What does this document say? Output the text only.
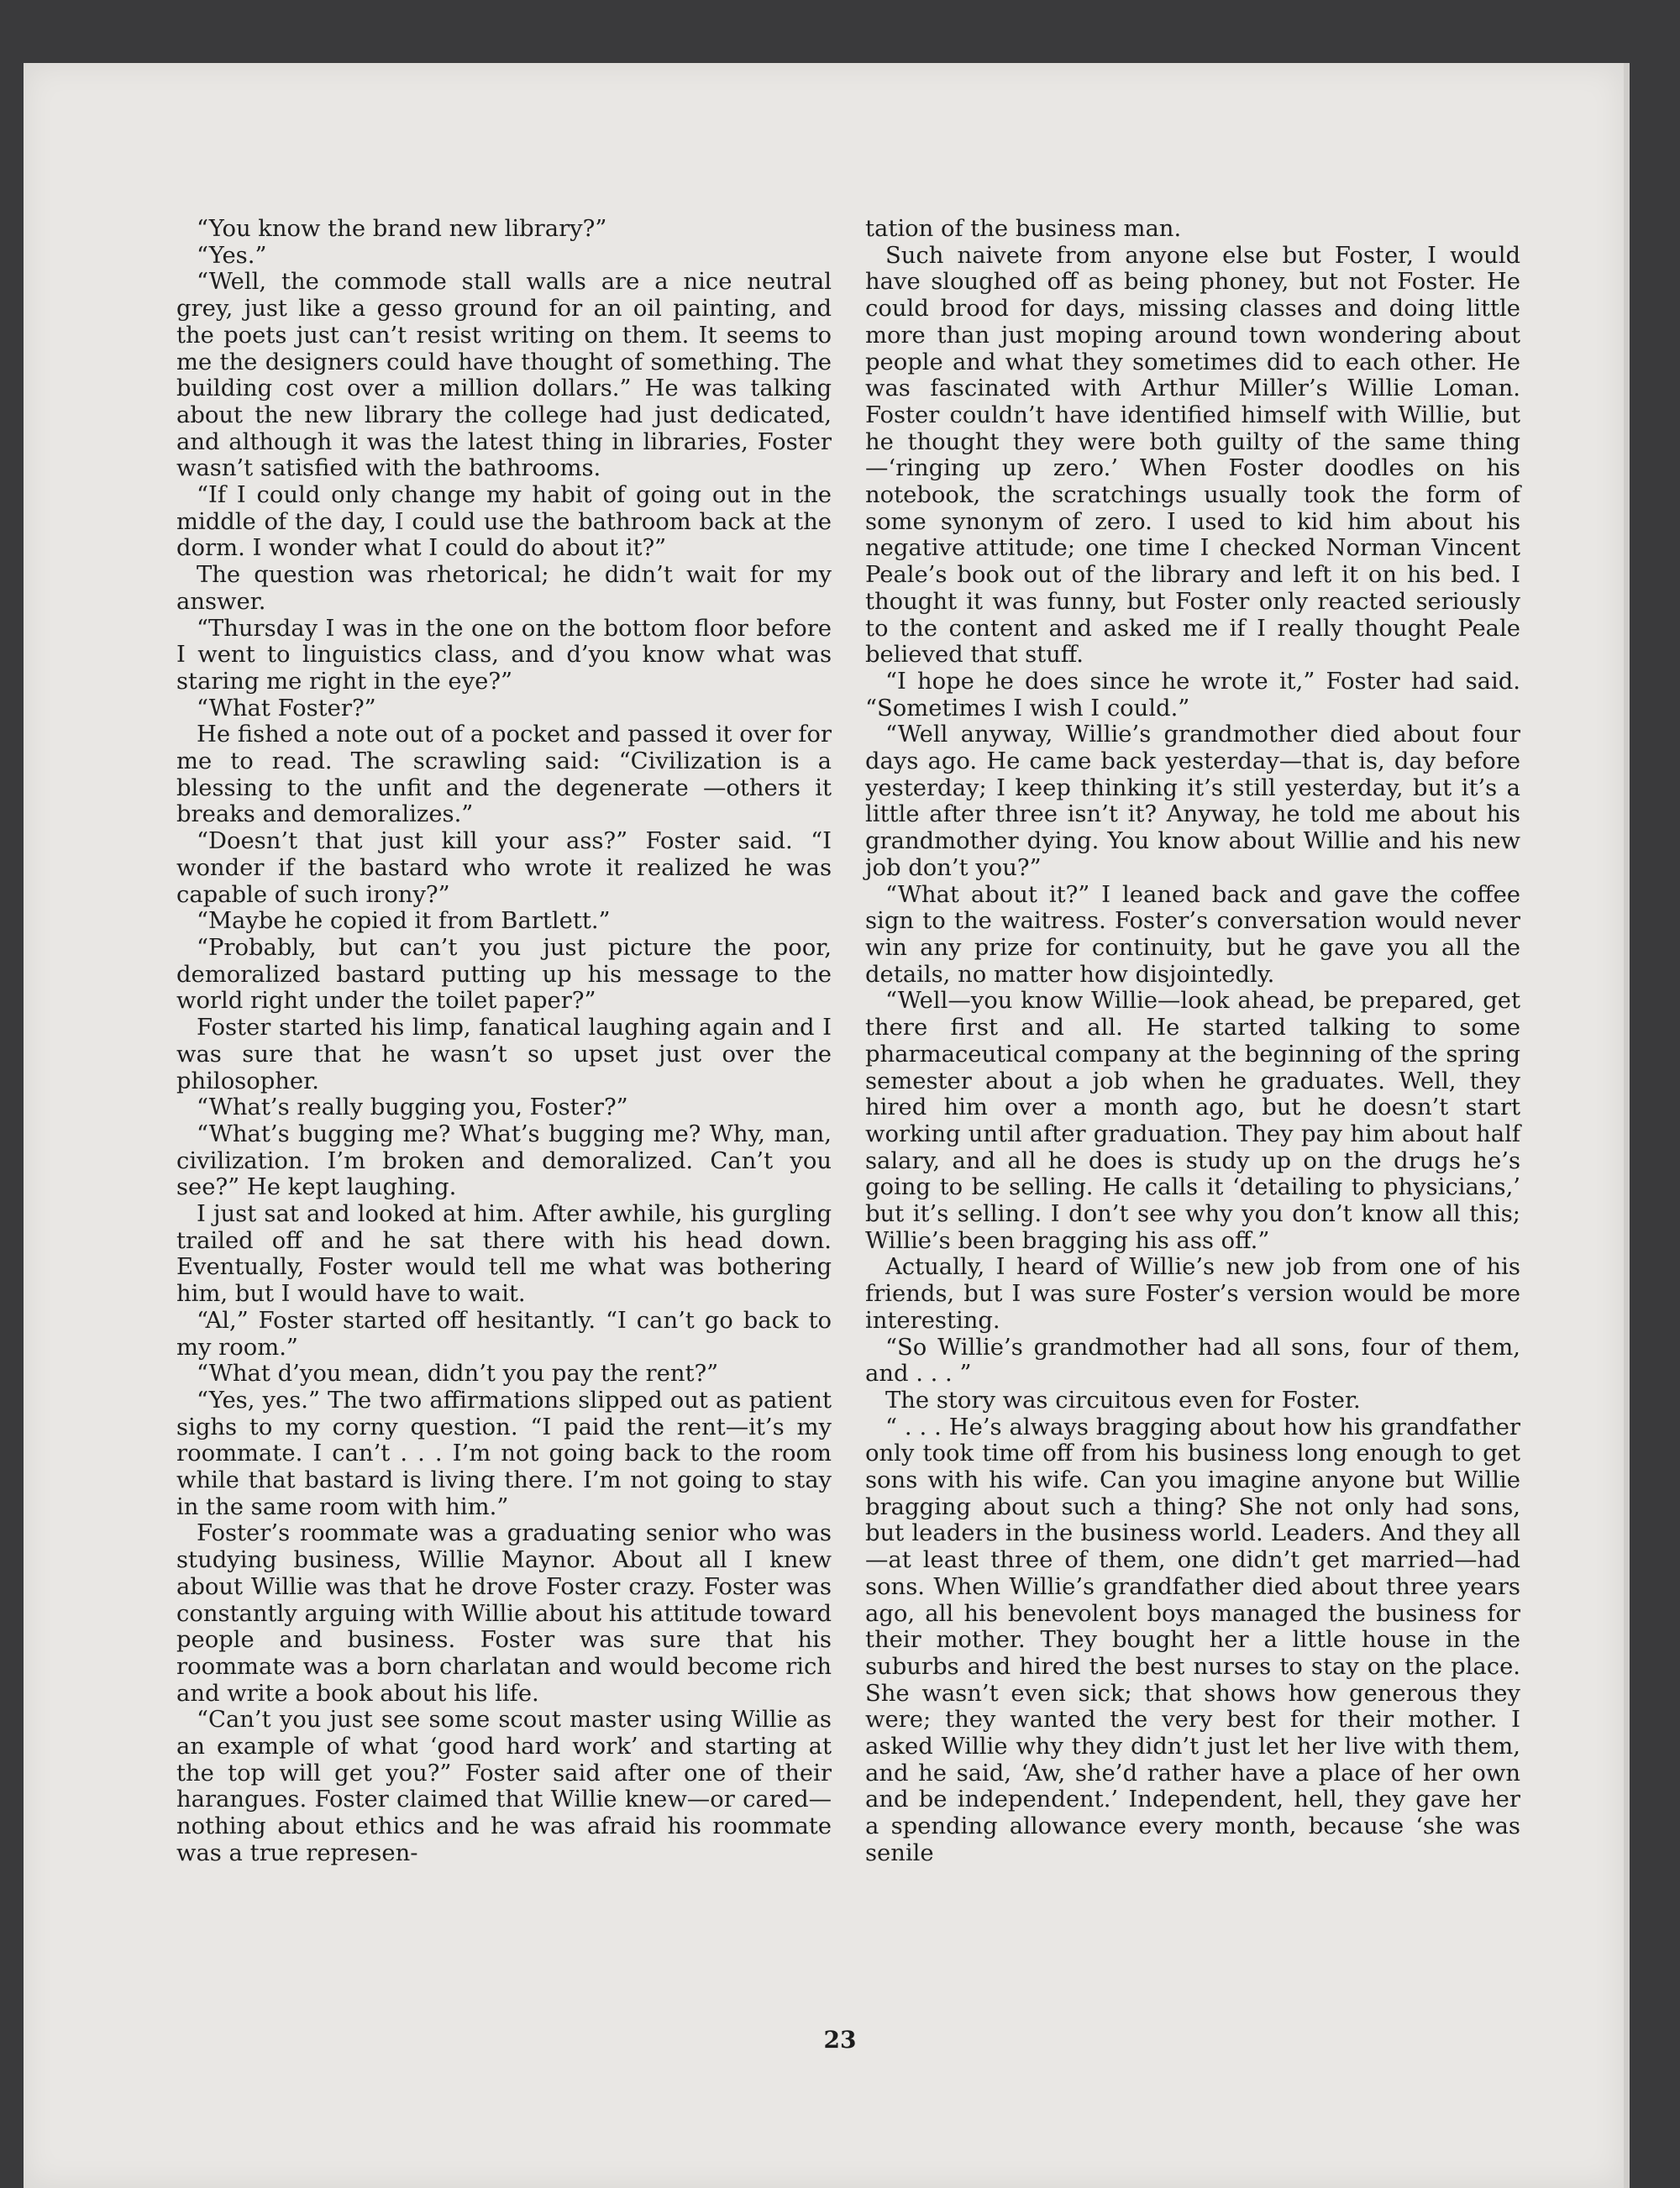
“You know the brand new library?”

“Yes.”

“Well, the commode stall walls are a nice neutral grey, just like a gesso ground for an oil painting, and the poets just can’t resist writing on them. It seems to me the designers could have thought of something. The building cost over a million dollars.” He was talking about the new library the college had just dedicated, and although it was the latest thing in libraries, Foster wasn’t satisfied with the bathrooms.

“If I could only change my habit of going out in the middle of the day, I could use the bathroom back at the dorm. I wonder what I could do about it?”

The question was rhetorical; he didn’t wait for my answer.

“Thursday I was in the one on the bottom floor before I went to linguistics class, and d’you know what was staring me right in the eye?”

“What Foster?”

He fished a note out of a pocket and passed it over for me to read. The scrawling said: “Civilization is a blessing to the unfit and the degenerate —others it breaks and demoralizes.”

“Doesn’t that just kill your ass?” Foster said. “I wonder if the bastard who wrote it realized he was capable of such irony?”

“Maybe he copied it from Bartlett.”

“Probably, but can’t you just picture the poor, demoralized bastard putting up his message to the world right under the toilet paper?”

Foster started his limp, fanatical laughing again and I was sure that he wasn’t so upset just over the philosopher.

“What’s really bugging you, Foster?”

“What’s bugging me? What’s bugging me? Why, man, civilization. I’m broken and demoralized. Can’t you see?” He kept laughing.

I just sat and looked at him. After awhile, his gurgling trailed off and he sat there with his head down. Eventually, Foster would tell me what was bothering him, but I would have to wait.

“Al,” Foster started off hesitantly. “I can’t go back to my room.”

“What d’you mean, didn’t you pay the rent?”

“Yes, yes.” The two affirmations slipped out as patient sighs to my corny question. “I paid the rent—it’s my roommate. I can’t . . . I’m not going back to the room while that bastard is living there. I’m not going to stay in the same room with him.”

Foster’s roommate was a graduating senior who was studying business, Willie Maynor. About all I knew about Willie was that he drove Foster crazy. Foster was constantly arguing with Willie about his attitude toward people and business. Foster was sure that his roommate was a born charlatan and would become rich and write a book about his life.

“Can’t you just see some scout master using Willie as an example of what ‘good hard work’ and starting at the top will get you?” Foster said after one of their harangues. Foster claimed that Willie knew—or cared—nothing about ethics and he was afraid his roommate was a true represen-

tation of the business man.

Such naivete from anyone else but Foster, I would have sloughed off as being phoney, but not Foster. He could brood for days, missing classes and doing little more than just moping around town wondering about people and what they sometimes did to each other. He was fascinated with Arthur Miller’s Willie Loman. Foster couldn’t have identified himself with Willie, but he thought they were both guilty of the same thing—‘ringing up zero.’ When Foster doodles on his notebook, the scratchings usually took the form of some synonym of zero. I used to kid him about his negative attitude; one time I checked Norman Vincent Peale’s book out of the library and left it on his bed. I thought it was funny, but Foster only reacted seriously to the content and asked me if I really thought Peale believed that stuff.

“I hope he does since he wrote it,” Foster had said. “Sometimes I wish I could.”

“Well anyway, Willie’s grandmother died about four days ago. He came back yesterday—that is, day before yesterday; I keep thinking it’s still yesterday, but it’s a little after three isn’t it? Anyway, he told me about his grandmother dying. You know about Willie and his new job don’t you?”

“What about it?” I leaned back and gave the coffee sign to the waitress. Foster’s conversation would never win any prize for continuity, but he gave you all the details, no matter how disjointedly.

“Well—you know Willie—look ahead, be prepared, get there first and all. He started talking to some pharmaceutical company at the beginning of the spring semester about a job when he graduates. Well, they hired him over a month ago, but he doesn’t start working until after graduation. They pay him about half salary, and all he does is study up on the drugs he’s going to be selling. He calls it ‘detailing to physicians,’ but it’s selling. I don’t see why you don’t know all this; Willie’s been bragging his ass off.”

Actually, I heard of Willie’s new job from one of his friends, but I was sure Foster’s version would be more interesting.

“So Willie’s grandmother had all sons, four of them, and . . . ”

The story was circuitous even for Foster.

“ . . . He’s always bragging about how his grandfather only took time off from his business long enough to get sons with his wife. Can you imagine anyone but Willie bragging about such a thing? She not only had sons, but leaders in the business world. Leaders. And they all—at least three of them, one didn’t get married—had sons. When Willie’s grandfather died about three years ago, all his benevolent boys managed the business for their mother. They bought her a little house in the suburbs and hired the best nurses to stay on the place. She wasn’t even sick; that shows how generous they were; they wanted the very best for their mother. I asked Willie why they didn’t just let her live with them, and he said, ‘Aw, she’d rather have a place of her own and be independent.’ Independent, hell, they gave her a spending allowance every month, because ‘she was senile

23
